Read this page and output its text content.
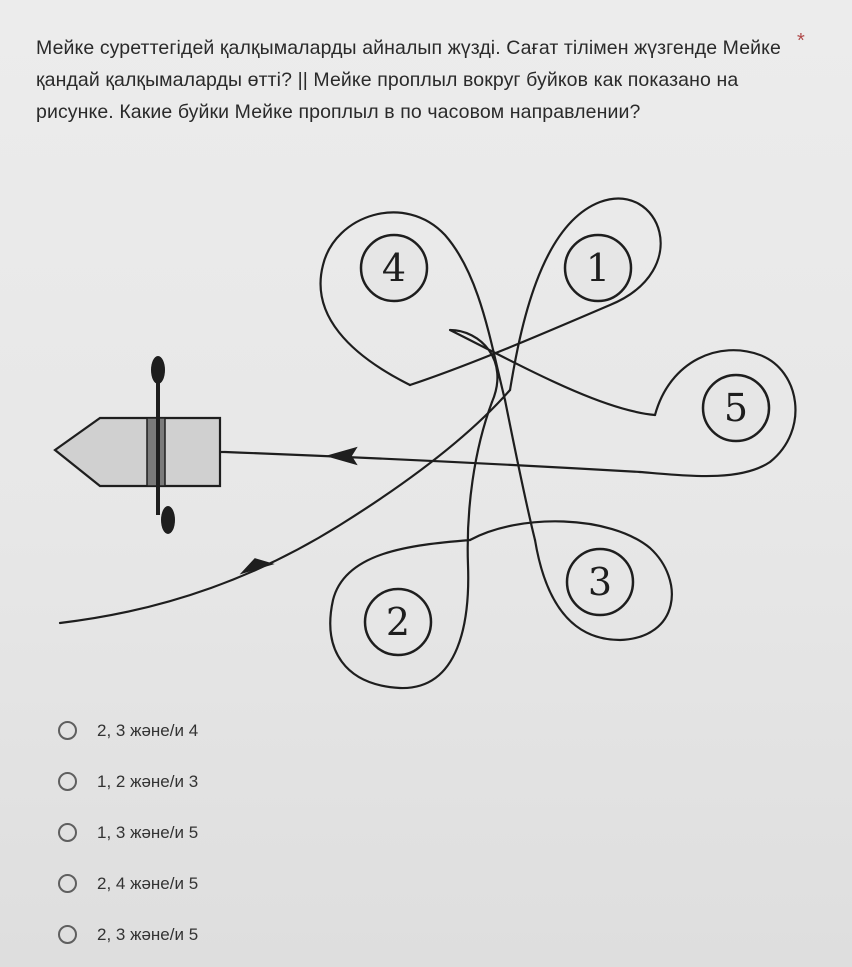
Мейке суреттегідей қалқымаларды айналып жүзді. Сағат тілімен жүзгенде Мейке қандай қалқымаларды өтті? || Мейке проплыл вокруг буйков как показано на рисунке. Какие буйки Мейке проплыл в по часовом направлении?
*
4	1
5
3
2
2, 3 және/и 4
1, 2 және/и 3
1, 3 және/и 5
2, 4 және/и 5
2, 3 және/и 5
